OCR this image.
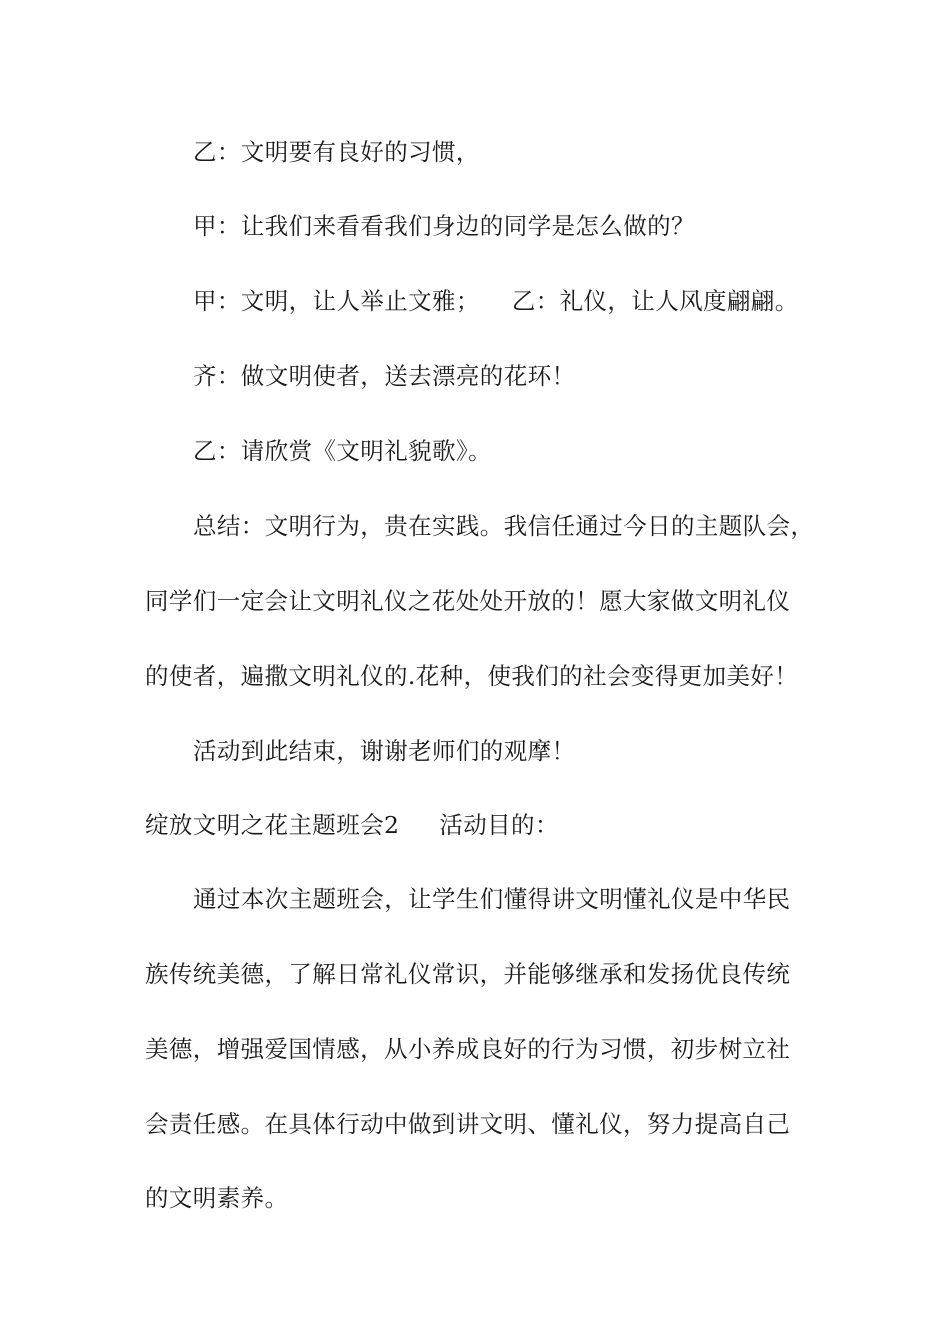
乙：文明要有良好的习惯，
甲：让我们来看看我们身边的同学是怎么做的？
甲：文明，让人举止文雅； 乙：礼仪，让人风度翩翩。
齐：做文明使者，送去漂亮的花环！
乙：请欣赏《文明礼貌歌》。
总结：文明行为，贵在实践。我信任通过今日的主题队会，
同学们一定会让文明礼仪之花处处开放的！愿大家做文明礼仪
的使者，遍撒文明礼仪的.花种，使我们的社会变得更加美好！
活动到此结束，谢谢老师们的观摩！
绽放文明之花主题班会2 活动目的：
通过本次主题班会，让学生们懂得讲文明懂礼仪是中华民
族传统美德，了解日常礼仪常识，并能够继承和发扬优良传统
美德，增强爱国情感，从小养成良好的行为习惯，初步树立社
会责任感。在具体行动中做到讲文明、懂礼仪，努力提高自己
的文明素养。
